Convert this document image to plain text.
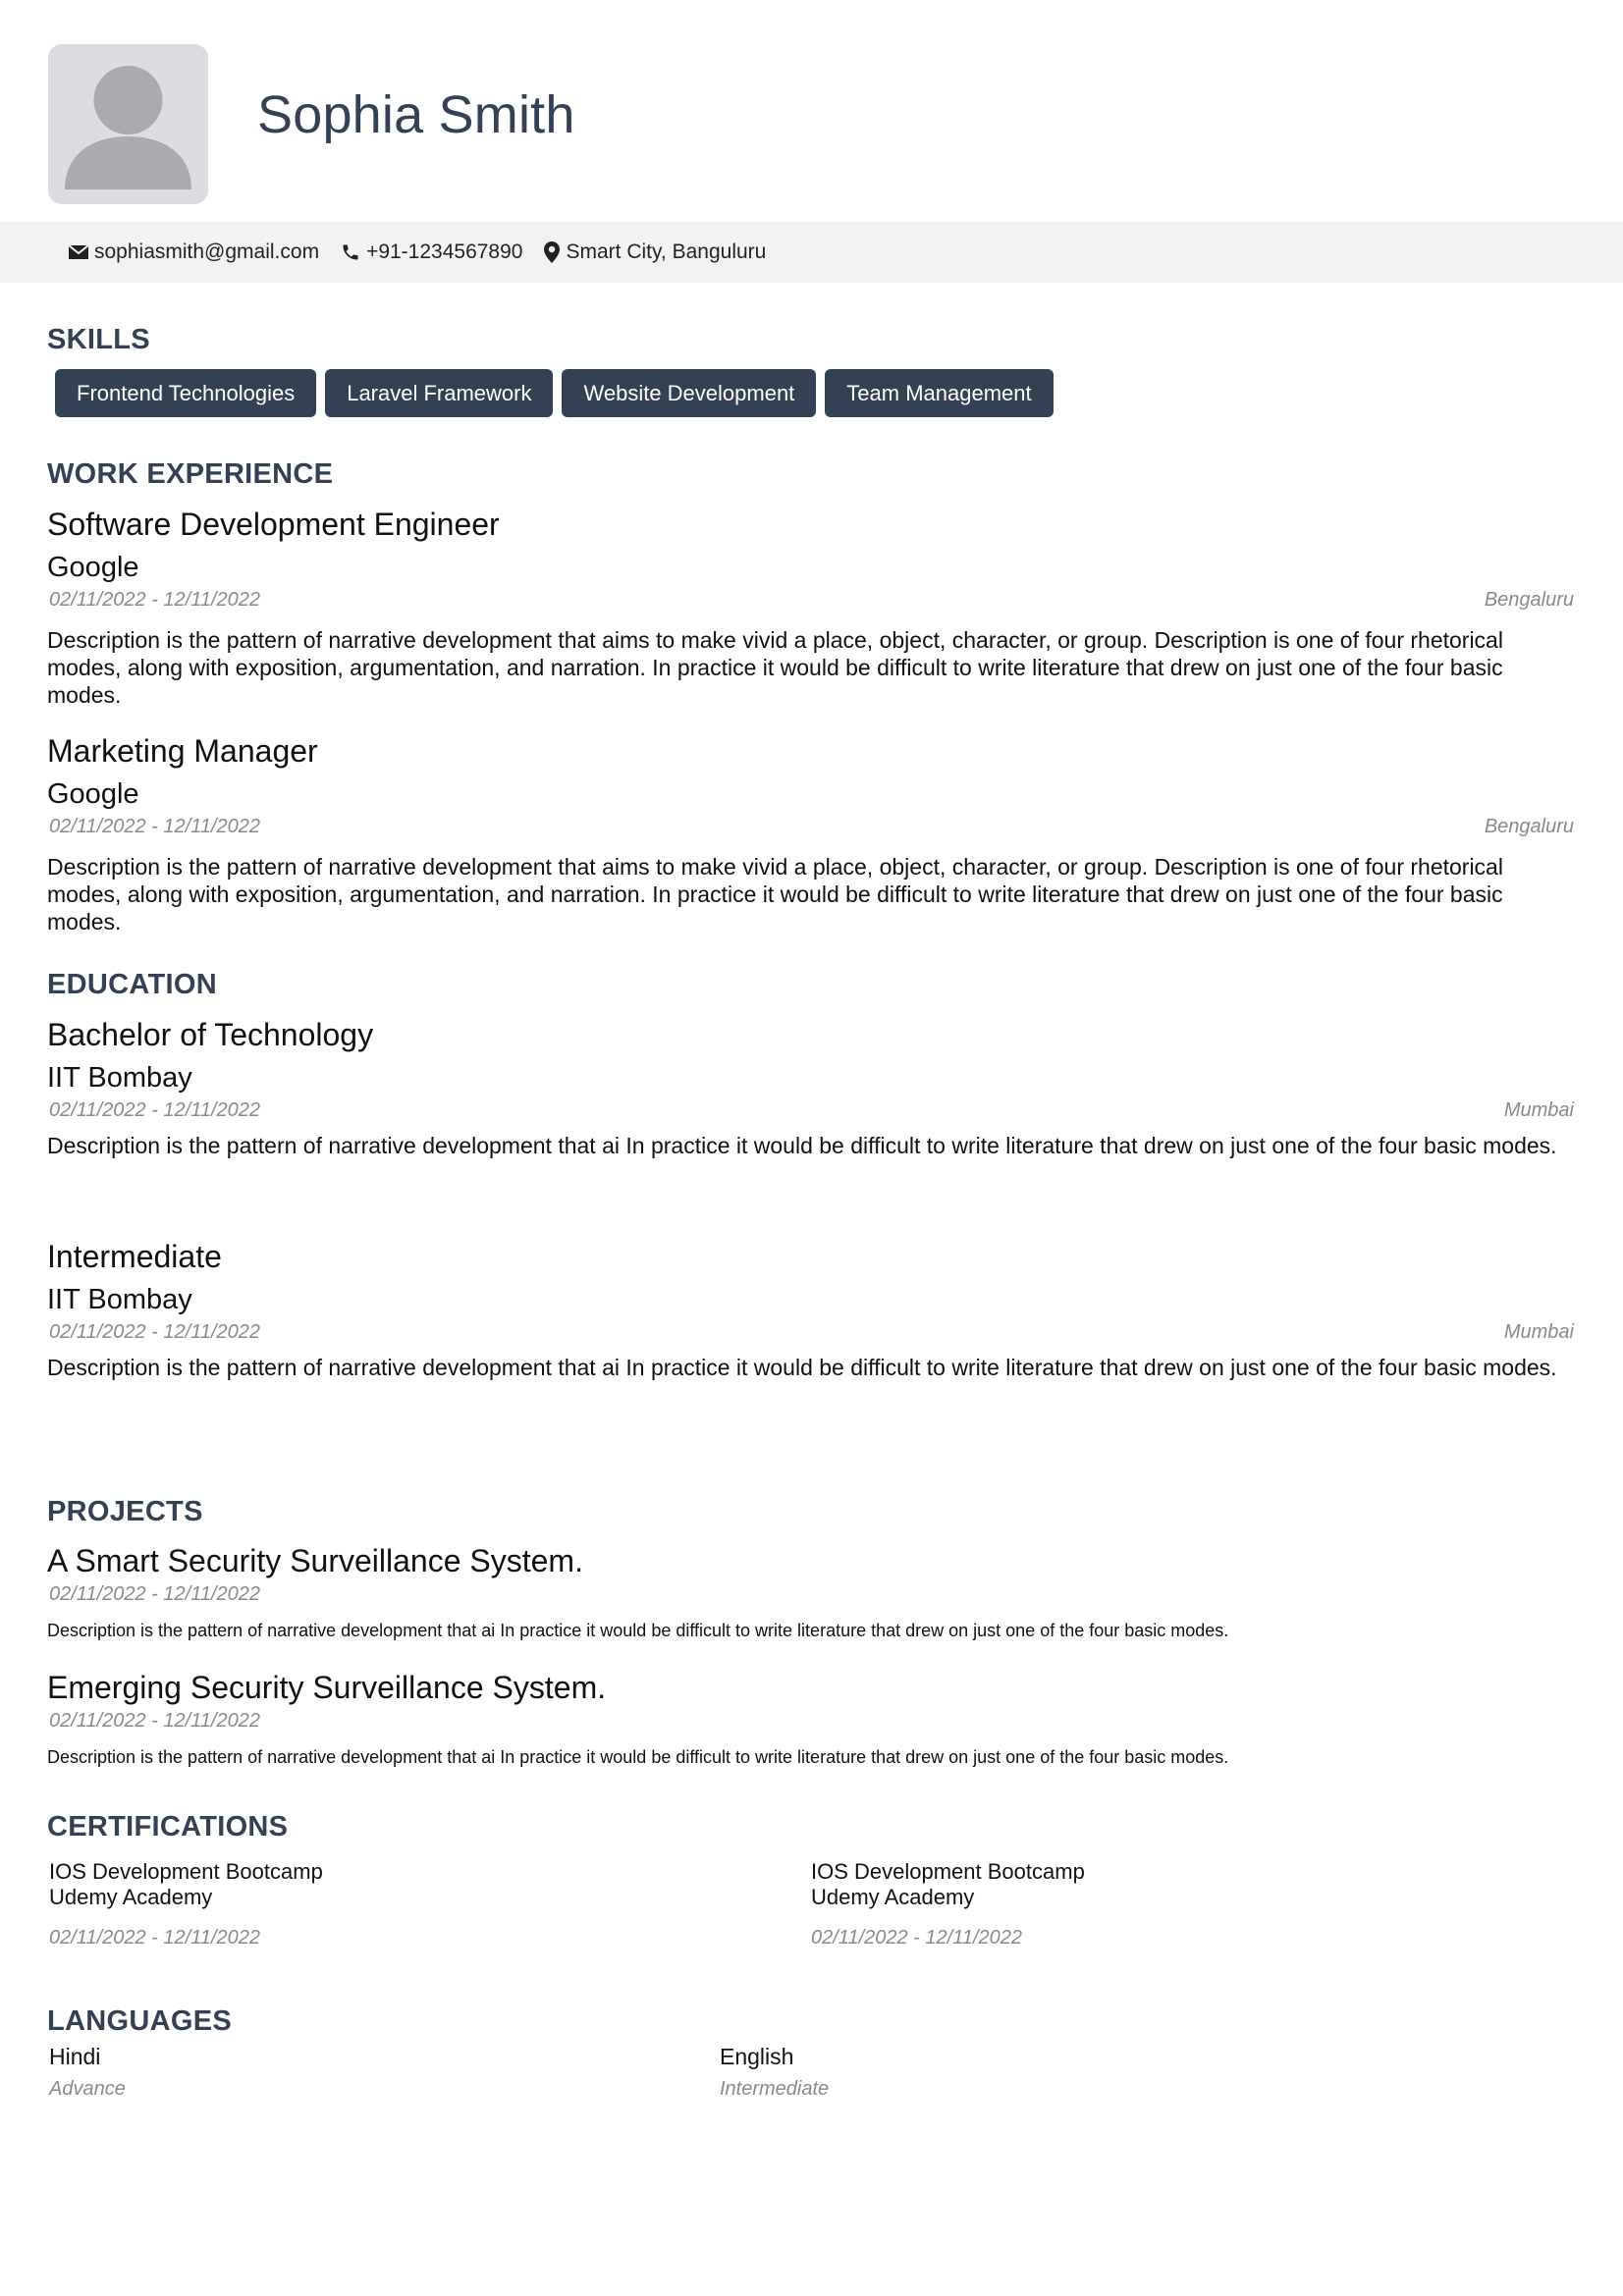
Sophia Smith
sophiasmith@gmail.com +91-1234567890 Smart City, Banguluru
SKILLS
Frontend Technologies	Laravel Framework	Website Development	Team Management
WORK EXPERIENCE
Software Development Engineer
Google
02/11/2022 - 12/11/2022	Bengaluru
Description is the pattern of narrative development that aims to make vivid a place, object, character, or group. Description is one of four rhetorical modes, along with exposition, argumentation, and narration. In practice it would be difficult to write literature that drew on just one of the four basic modes.
Marketing Manager
Google
02/11/2022 - 12/11/2022	Bengaluru
Description is the pattern of narrative development that aims to make vivid a place, object, character, or group. Description is one of four rhetorical modes, along with exposition, argumentation, and narration. In practice it would be difficult to write literature that drew on just one of the four basic modes.
EDUCATION
Bachelor of Technology
IIT Bombay
02/11/2022 - 12/11/2022	Mumbai
Description is the pattern of narrative development that ai In practice it would be difficult to write literature that drew on just one of the four basic modes.
Intermediate
IIT Bombay
02/11/2022 - 12/11/2022	Mumbai
Description is the pattern of narrative development that ai In practice it would be difficult to write literature that drew on just one of the four basic modes.
PROJECTS
A Smart Security Surveillance System.
02/11/2022 - 12/11/2022
Description is the pattern of narrative development that ai In practice it would be difficult to write literature that drew on just one of the four basic modes.
Emerging Security Surveillance System.
02/11/2022 - 12/11/2022
Description is the pattern of narrative development that ai In practice it would be difficult to write literature that drew on just one of the four basic modes.
CERTIFICATIONS
IOS Development Bootcamp
Udemy Academy
02/11/2022 - 12/11/2022
IOS Development Bootcamp
Udemy Academy
02/11/2022 - 12/11/2022
LANGUAGES
Hindi
Advance
English
Intermediate
